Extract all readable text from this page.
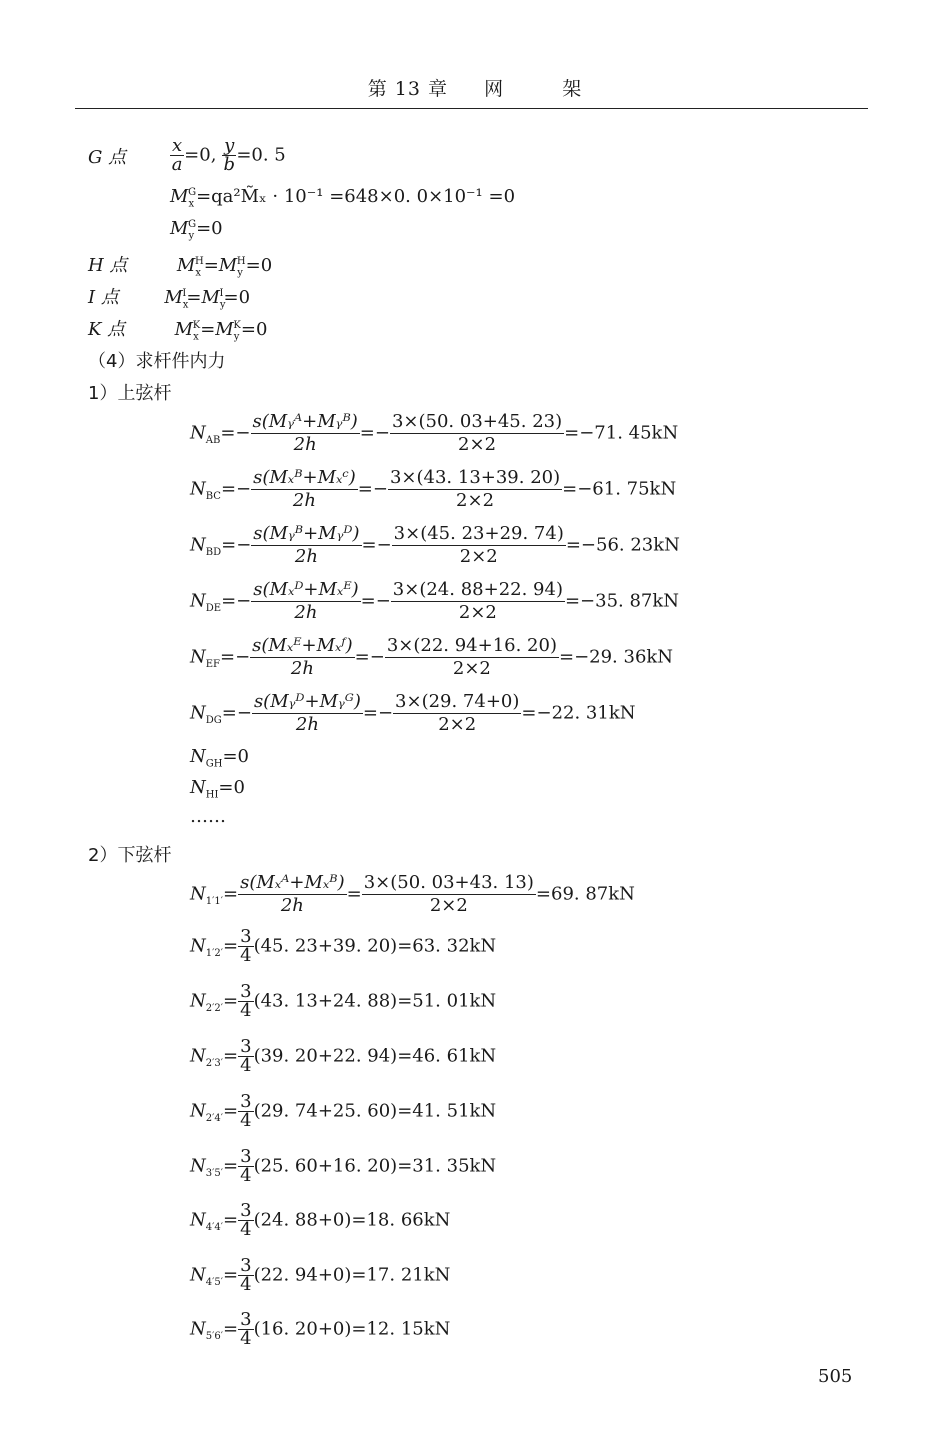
第 13 章 网	架
G 点 $\frac{x}{a} =0$, $\frac{y}{b} =0$. 5
$M_x^G=qa^2M̃_x \cdot 10^{-1} =648\times 0$. 0×10⁻¹ =0
$M_y^G=0$
H 点	$M_x^H=M_y^H=0$
I 点	$M_x^I=M_y^I=0$
K 点	$M_x^K=M_y^K=0$
（4）求杆件内力
1）上弦杆
$N_{AB}=- \frac{\text{s(Mᵧᴬ+Mᵧᴮ)}}{2h} =- \frac{3\times(50. 03+45. 23)}{2\times 2} =-71$. 45kN
$N_{BC}=- \frac{\text{s(Mₓᴮ+Mₓᶜ)}}{2h} =- \frac{3\times(43. 13+39. 20)}{2\times 2} =-61$. 75kN
$N_{BD}=- \frac{\text{s(Mᵧᴮ+Mᵧᴰ)}}{2h} =- \frac{3\times(45. 23+29. 74)}{2\times 2} =-56$. 23kN
$N_{DE}=- \frac{\text{s(Mₓᴰ+Mₓᴱ)}}{2h} =- \frac{3\times(24. 88+22. 94)}{2\times 2} =-35$. 87kN
$N_{EF}=- \frac{\text{s(Mₓᴱ+Mₓᶠ)}}{2h} =- \frac{3\times(22. 94+16. 20)}{2\times 2} =-29$. 36kN
$N_{DG}=- \frac{\text{s(Mᵧᴰ+Mᵧᴳ)}}{2h} =- \frac{3\times(29. 74+0)}{2\times 2} =-22$. 31kN
$N_{GH}=0$
$N_{HI}=0$
……
2）下弦杆
$N_{1'1'}= \frac{\text{s(Mₓᴬ+Mₓᴮ)}}{2h} = \frac{3\times(50. 03+43. 13)}{2\times 2} =69$. 87kN
$N_{1'2'}= \frac{3}{4} (45$. 23+39. 20)=63. 32kN
$N_{2'2'}= \frac{3}{4} (43$. 13+24. 88)=51. 01kN
$N_{2'3'}= \frac{3}{4} (39$. 20+22. 94)=46. 61kN
$N_{2'4'}= \frac{3}{4} (29$. 74+25. 60)=41. 51kN
$N_{3'5'}= \frac{3}{4} (25$. 60+16. 20)=31. 35kN
$N_{4'4'}= \frac{3}{4} (24$. 88+0)=18. 66kN
$N_{4'5'}= \frac{3}{4} (22$. 94+0)=17. 21kN
$N_{5'6'}= \frac{3}{4} (16$. 20+0)=12. 15kN
505
